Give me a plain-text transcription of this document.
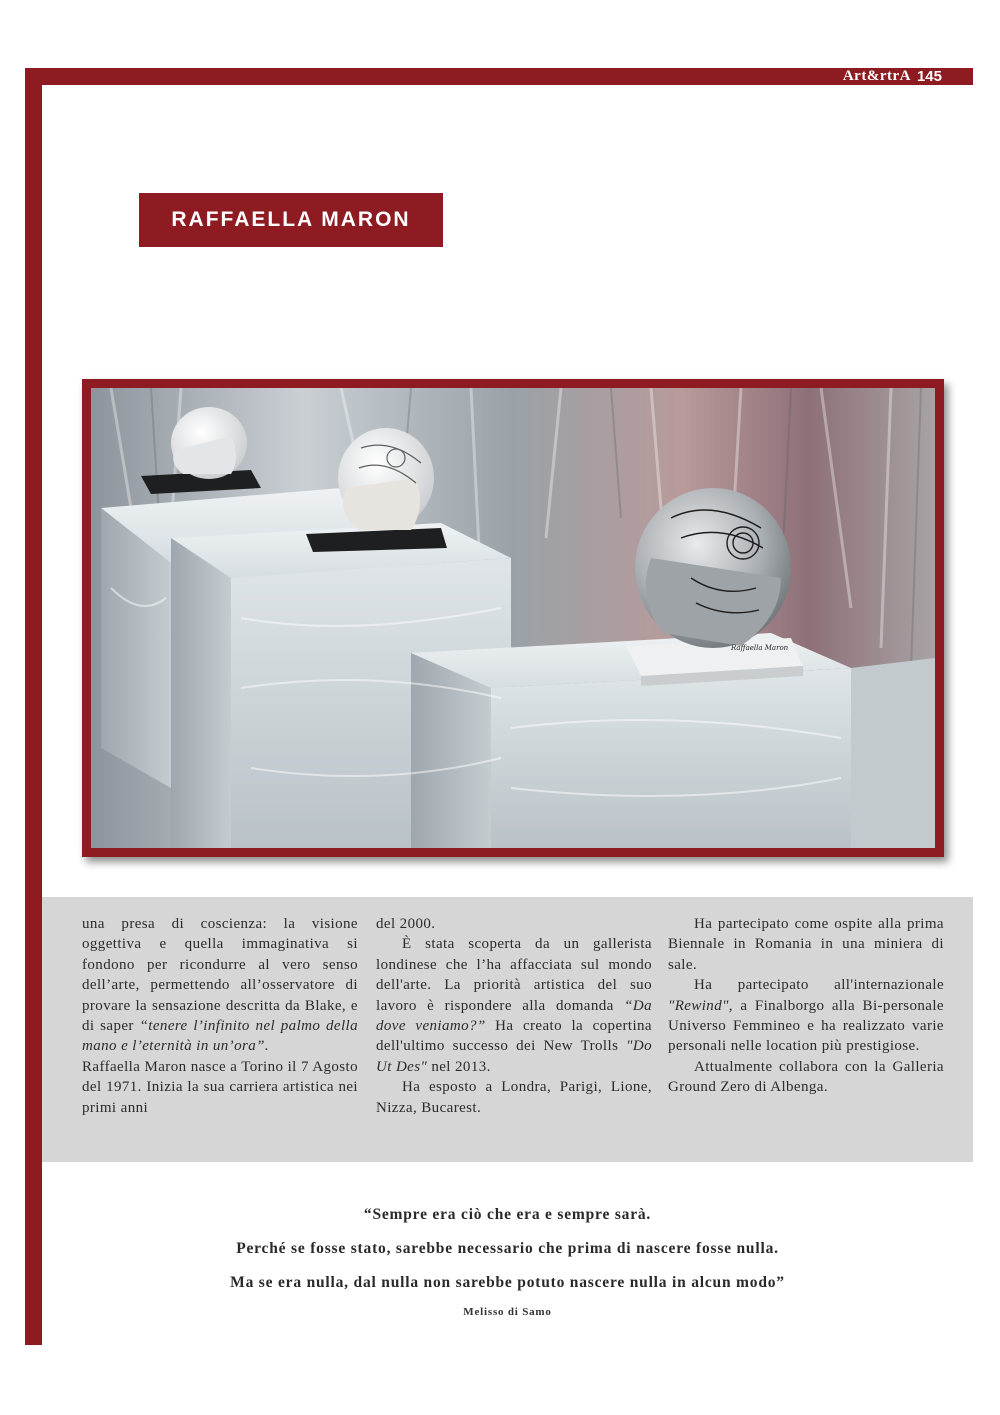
Art&rtrA 145
RAFFAELLA MARON
Raffaella Maron

una presa di coscienza: la visione oggettiva e quella immaginativa si fondono per ricondurre al vero senso dell’arte, permettendo all’osservatore di provare la sensazione descritta da Blake, e di saper “tenere l’infinito nel palmo della mano e l’eternità in un’ora”.

Raffaella Maron nasce a Torino il 7 Agosto del 1971. Inizia la sua carriera artistica nei primi anni

del 2000.

È stata scoperta da un gallerista londinese che l’ha affacciata sul mondo dell'arte. La priorità artistica del suo lavoro è rispondere alla domanda “Da dove veniamo?” Ha creato la copertina dell'ultimo successo dei New Trolls "Do Ut Des" nel 2013.

Ha esposto a Londra, Parigi, Lione, Nizza, Bucarest.

Ha partecipato come ospite alla prima Biennale in Romania in una miniera di sale.

Ha partecipato all'internazionale "Rewind", a Finalborgo alla Bi-personale Universo Femmineo e ha realizzato varie personali nelle location più prestigiose.

Attualmente collabora con la Galleria Ground Zero di Albenga.

“Sempre era ciò che era e sempre sarà.

Perché se fosse stato, sarebbe necessario che prima di nascere fosse nulla.

Ma se era nulla, dal nulla non sarebbe potuto nascere nulla in alcun modo”

Melisso di Samo
